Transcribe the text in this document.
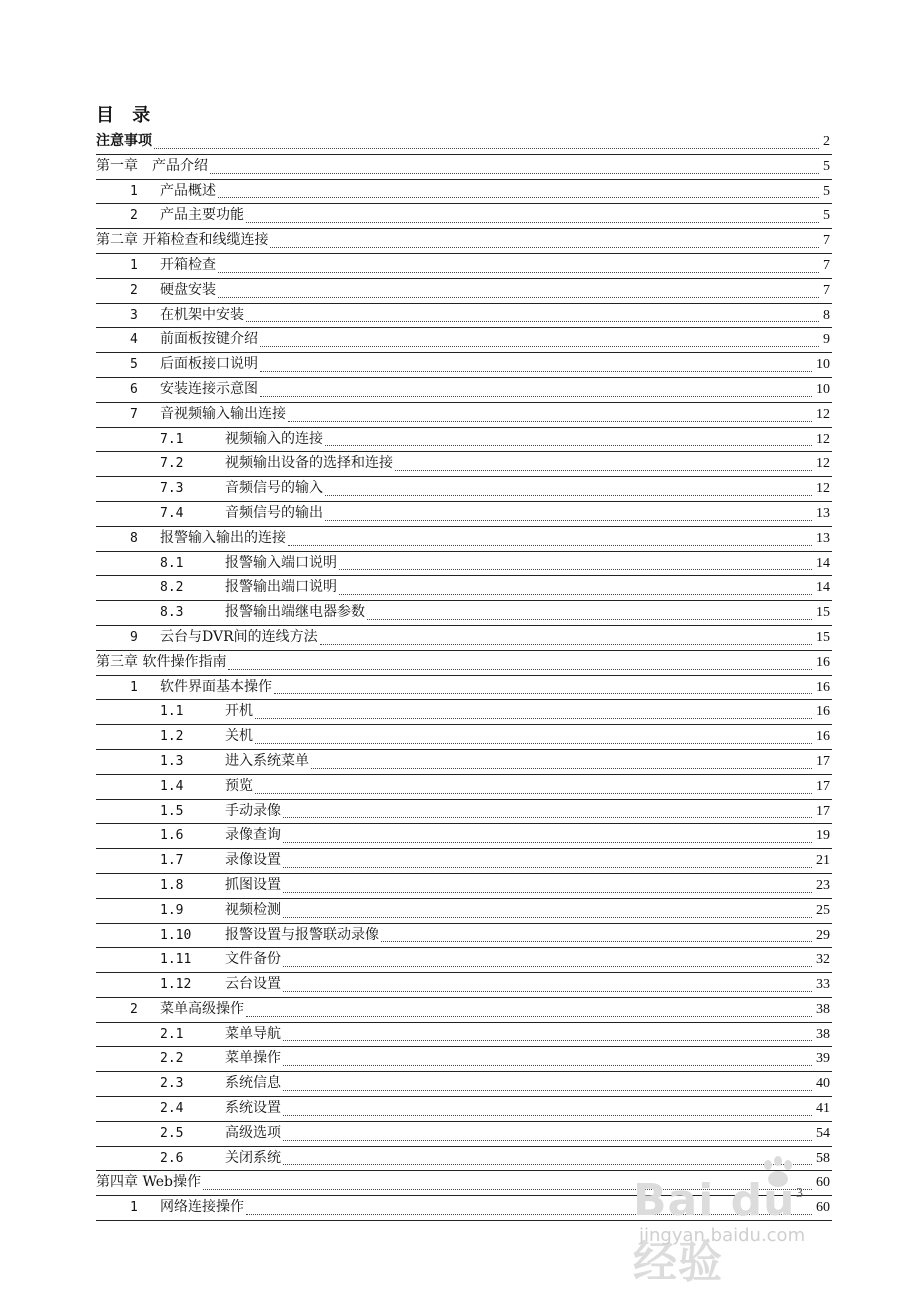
目 录
注意事项	2
第一章　产品介绍	5
1 产品概述	5
2 产品主要功能	5
第二章 开箱检查和线缆连接	7
1 开箱检查	7
2 硬盘安装	7
3 在机架中安装	8
4 前面板按键介绍	9
5 后面板接口说明	10
6 安装连接示意图	10
7 音视频输入输出连接	12
7.1	视频输入的连接	12
7.2	视频输出设备的选择和连接	12
7.3	音频信号的输入	12
7.4	音频信号的输出	13
8 报警输入输出的连接	13
8.1	报警输入端口说明	14
8.2	报警输出端口说明	14
8.3	报警输出端继电器参数	15
9 云台与DVR间的连线方法	15
第三章 软件操作指南	16
1 软件界面基本操作	16
1.1	开机	16
1.2	关机	16
1.3	进入系统菜单	17
1.4	预览	17
1.5	手动录像	17
1.6	录像查询	19
1.7	录像设置	21
1.8	抓图设置	23
1.9	视频检测	25
1.10 报警设置与报警联动录像	29
1.11 文件备份	32
1.12 云台设置	33
2 菜单高级操作	38
2.1	菜单导航	38
2.2	菜单操作	39
2.3	系统信息	40
2.4	系统设置	41
2.5	高级选项	54
2.6	关闭系统	58
第四章 Web操作	60
1 网络连接操作	60
3
Bai du 经验
jingyan.baidu.com
